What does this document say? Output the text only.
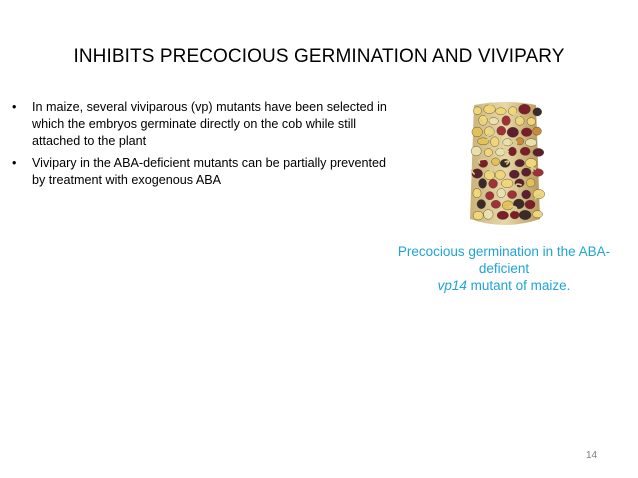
INHIBITS PRECOCIOUS GERMINATION AND VIVIPARY
• In maize, several viviparous (vp) mutants have been selected in which the embryos germinate directly on the cob while still attached to the plant
• Vivipary in the ABA-deficient mutants can be partially prevented by treatment with exogenous ABA
Precocious germination in the ABA-deficient
vp14 mutant of maize.
14
